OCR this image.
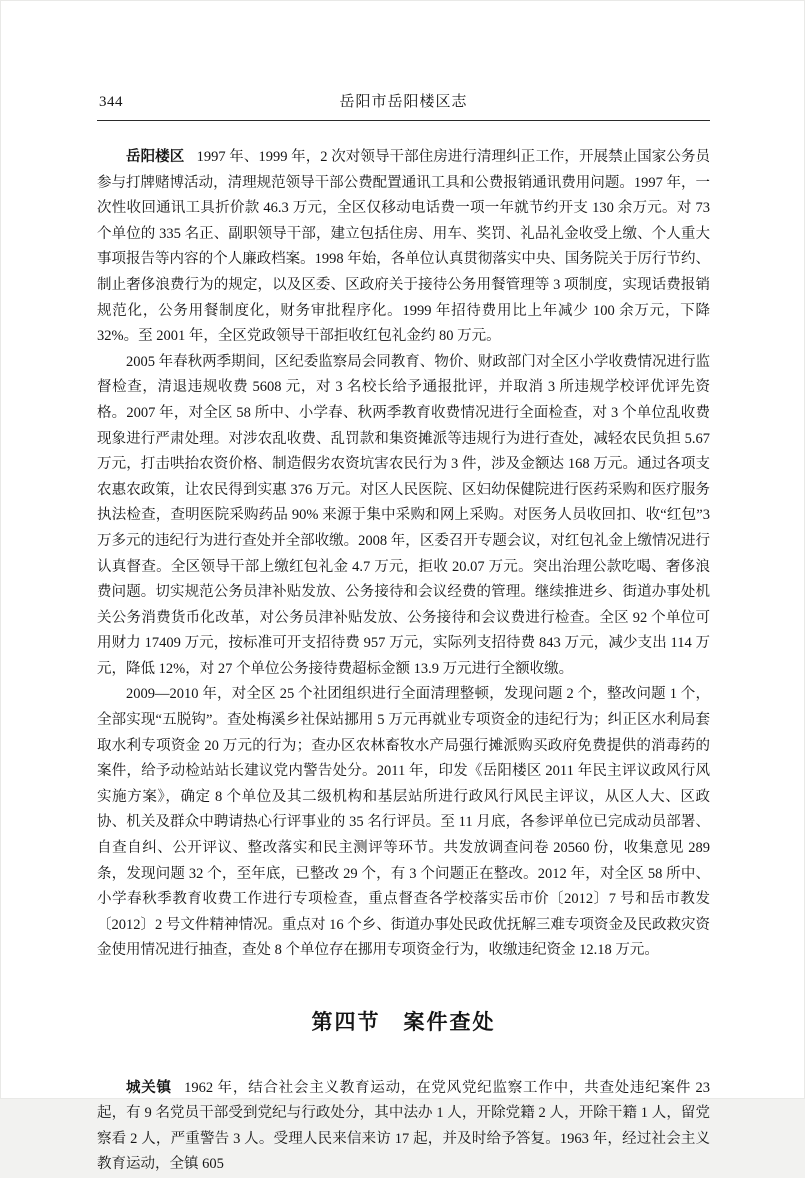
344	岳阳市岳阳楼区志

岳阳楼区 1997 年、1999 年，2 次对领导干部住房进行清理纠正工作，开展禁止国家公务员参与打牌赌博活动，清理规范领导干部公费配置通讯工具和公费报销通讯费用问题。1997 年，一次性收回通讯工具折价款 46.3 万元，全区仅移动电话费一项一年就节约开支 130 余万元。对 73 个单位的 335 名正、副职领导干部，建立包括住房、用车、奖罚、礼品礼金收受上缴、个人重大事项报告等内容的个人廉政档案。1998 年始，各单位认真贯彻落实中央、国务院关于厉行节约、制止奢侈浪费行为的规定，以及区委、区政府关于接待公务用餐管理等 3 项制度，实现话费报销规范化，公务用餐制度化，财务审批程序化。1999 年招待费用比上年减少 100 余万元，下降 32%。至 2001 年，全区党政领导干部拒收红包礼金约 80 万元。

2005 年春秋两季期间，区纪委监察局会同教育、物价、财政部门对全区小学收费情况进行监督检查，清退违规收费 5608 元，对 3 名校长给予通报批评，并取消 3 所违规学校评优评先资格。2007 年，对全区 58 所中、小学春、秋两季教育收费情况进行全面检查，对 3 个单位乱收费现象进行严肃处理。对涉农乱收费、乱罚款和集资摊派等违规行为进行查处，减轻农民负担 5.67 万元，打击哄抬农资价格、制造假劣农资坑害农民行为 3 件，涉及金额达 168 万元。通过各项支农惠农政策，让农民得到实惠 376 万元。对区人民医院、区妇幼保健院进行医药采购和医疗服务执法检查，查明医院采购药品 90% 来源于集中采购和网上采购。对医务人员收回扣、收“红包”3 万多元的违纪行为进行查处并全部收缴。2008 年，区委召开专题会议，对红包礼金上缴情况进行认真督查。全区领导干部上缴红包礼金 4.7 万元，拒收 20.07 万元。突出治理公款吃喝、奢侈浪费问题。切实规范公务员津补贴发放、公务接待和会议经费的管理。继续推进乡、街道办事处机关公务消费货币化改革，对公务员津补贴发放、公务接待和会议费进行检查。全区 92 个单位可用财力 17409 万元，按标准可开支招待费 957 万元，实际列支招待费 843 万元，减少支出 114 万元，降低 12%，对 27 个单位公务接待费超标金额 13.9 万元进行全额收缴。

2009—2010 年，对全区 25 个社团组织进行全面清理整顿，发现问题 2 个，整改问题 1 个，全部实现“五脱钩”。查处梅溪乡社保站挪用 5 万元再就业专项资金的违纪行为；纠正区水利局套取水利专项资金 20 万元的行为；查办区农林畜牧水产局强行摊派购买政府免费提供的消毒药的案件，给予动检站站长建议党内警告处分。2011 年，印发《岳阳楼区 2011 年民主评议政风行风实施方案》，确定 8 个单位及其二级机构和基层站所进行政风行风民主评议，从区人大、区政协、机关及群众中聘请热心行评事业的 35 名行评员。至 11 月底，各参评单位已完成动员部署、自查自纠、公开评议、整改落实和民主测评等环节。共发放调查问卷 20560 份，收集意见 289 条，发现问题 32 个，至年底，已整改 29 个，有 3 个问题正在整改。2012 年，对全区 58 所中、小学春秋季教育收费工作进行专项检查，重点督查各学校落实岳市价〔2012〕7 号和岳市教发〔2012〕2 号文件精神情况。重点对 16 个乡、街道办事处民政优抚解三难专项资金及民政救灾资金使用情况进行抽查，查处 8 个单位存在挪用专项资金行为，收缴违纪资金 12.18 万元。

第四节　案件查处

城关镇 1962 年，结合社会主义教育运动，在党风党纪监察工作中，共查处违纪案件 23 起，有 9 名党员干部受到党纪与行政处分，其中法办 1 人，开除党籍 2 人，开除干籍 1 人，留党察看 2 人，严重警告 3 人。受理人民来信来访 17 起，并及时给予答复。1963 年，经过社会主义教育运动，全镇 605
